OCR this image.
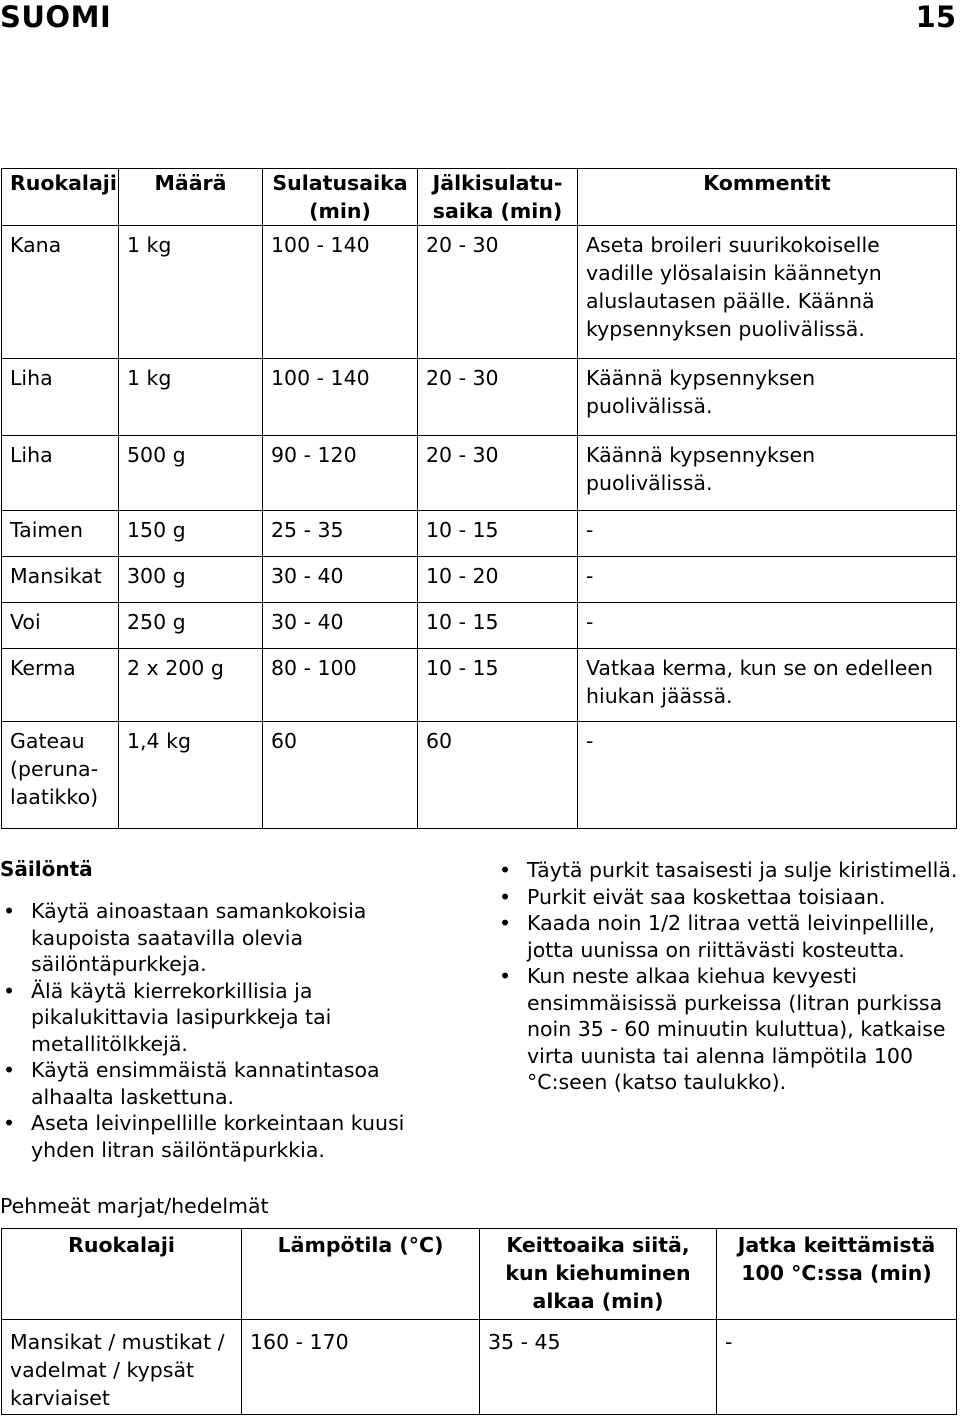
SUOMI	15
Ruokalaji	Määrä	Sulatusaika (min)	Jälkisulatu-saika (min)	Kommentit
Kana	1 kg	100 - 140	20 - 30	Aseta broileri suurikokoiselle vadille ylösalaisin käännetyn aluslautasen päälle. Käännä kypsennyksen puolivälissä.
Liha	1 kg	100 - 140	20 - 30	Käännä kypsennyksen puolivälissä.
Liha	500 g	90 - 120	20 - 30	Käännä kypsennyksen puolivälissä.
Taimen	150 g	25 - 35	10 - 15	-
Mansikat	300 g	30 - 40	10 - 20	-
Voi	250 g	30 - 40	10 - 15	-
Kerma	2 x 200 g	80 - 100	10 - 15	Vatkaa kerma, kun se on edelleen hiukan jäässä.
Gateau (peruna-laatikko)	1,4 kg	60	60	-
Säilöntä
• Käytä ainoastaan samankokoisia kaupoista saatavilla olevia säilöntäpurkkeja.
• Älä käytä kierrekorkillisia ja pikalukittavia lasipurkkeja tai metallitölkkejä.
• Käytä ensimmäistä kannatintasoa alhaalta laskettuna.
• Aseta leivinpellille korkeintaan kuusi yhden litran säilöntäpurkkia.
• Täytä purkit tasaisesti ja sulje kiristimellä.
• Purkit eivät saa koskettaa toisiaan.
• Kaada noin 1/2 litraa vettä leivinpellille, jotta uunissa on riittävästi kosteutta.
• Kun neste alkaa kiehua kevyesti ensimmäisissä purkeissa (litran purkissa noin 35 - 60 minuutin kuluttua), katkaise virta uunista tai alenna lämpötila 100 °C:seen (katso taulukko).
Pehmeät marjat/hedelmät
Ruokalaji	Lämpötila (°C)	Keittoaika siitä, kun kiehuminen alkaa (min)	Jatka keittämistä 100 °C:ssa (min)
Mansikat / mustikat / vadelmat / kypsät karviaiset	160 - 170	35 - 45	-
